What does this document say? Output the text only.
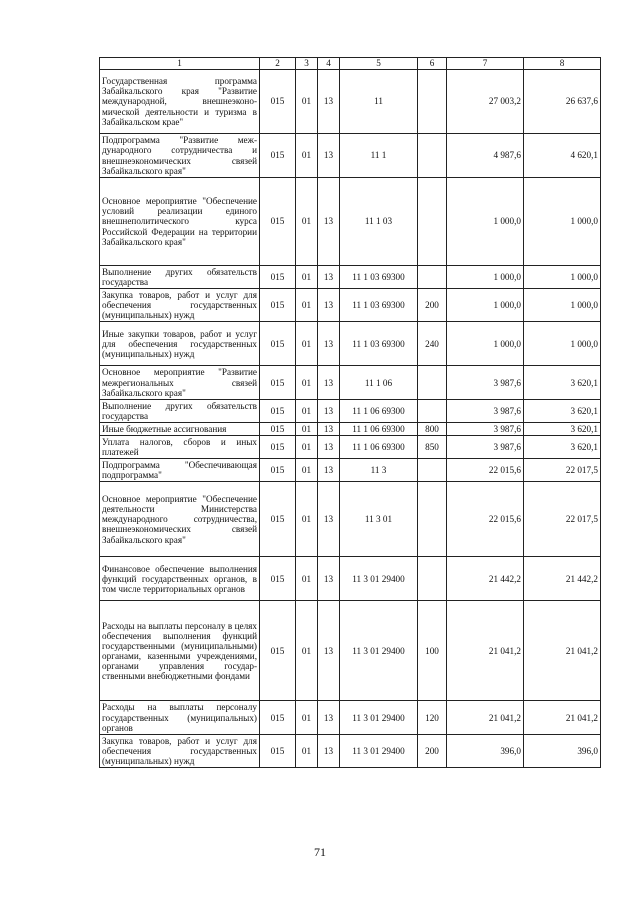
1	2	3	4	5	6	7	8
Государственная программа Забайкальского края "Развитие международной, внешнеэкономической деятельности и туризма в Забайкальском крае"	015	01	13	11		27 003,2	26 637,6
Подпрограмма "Развитие международного сотрудничества и внешнеэкономических связей Забайкальского края"	015	01	13	11 1		4 987,6	4 620,1
Основное мероприятие "Обеспечение условий реализации единого внешнеполитического курса Российской Федерации на территории Забайкальского края"	015	01	13	11 1 03		1 000,0	1 000,0
Выполнение других обязательств государства	015	01	13	11 1 03 69300		1 000,0	1 000,0
Закупка товаров, работ и услуг для обеспечения государственных (муниципальных) нужд	015	01	13	11 1 03 69300	200	1 000,0	1 000,0
Иные закупки товаров, работ и услуг для обеспечения государственных (муниципальных) нужд	015	01	13	11 1 03 69300	240	1 000,0	1 000,0
Основное мероприятие "Развитие межрегиональных связей Забайкальского края"	015	01	13	11 1 06		3 987,6	3 620,1
Выполнение других обязательств государства	015	01	13	11 1 06 69300		3 987,6	3 620,1
Иные бюджетные ассигнования	015	01	13	11 1 06 69300	800	3 987,6	3 620,1
Уплата налогов, сборов и иных платежей	015	01	13	11 1 06 69300	850	3 987,6	3 620,1
Подпрограмма "Обеспечивающая подпрограмма"	015	01	13	11 3		22 015,6	22 017,5
Основное мероприятие "Обеспечение деятельности Министерства международного сотрудничества, внешнеэкономических связей Забайкальского края"	015	01	13	11 3 01		22 015,6	22 017,5
Финансовое обеспечение выполнения функций государственных органов, в том числе территориальных органов	015	01	13	11 3 01 29400		21 442,2	21 442,2
Расходы на выплаты персоналу в целях обеспечения выполнения функций государственными (муниципальными) органами, казенными учреждениями, органами управления государственными внебюджетными фондами	015	01	13	11 3 01 29400	100	21 041,2	21 041,2
Расходы на выплаты персоналу государственных (муниципальных) органов	015	01	13	11 3 01 29400	120	21 041,2	21 041,2
Закупка товаров, работ и услуг для обеспечения государственных (муниципальных) нужд	015	01	13	11 3 01 29400	200	396,0	396,0
71
